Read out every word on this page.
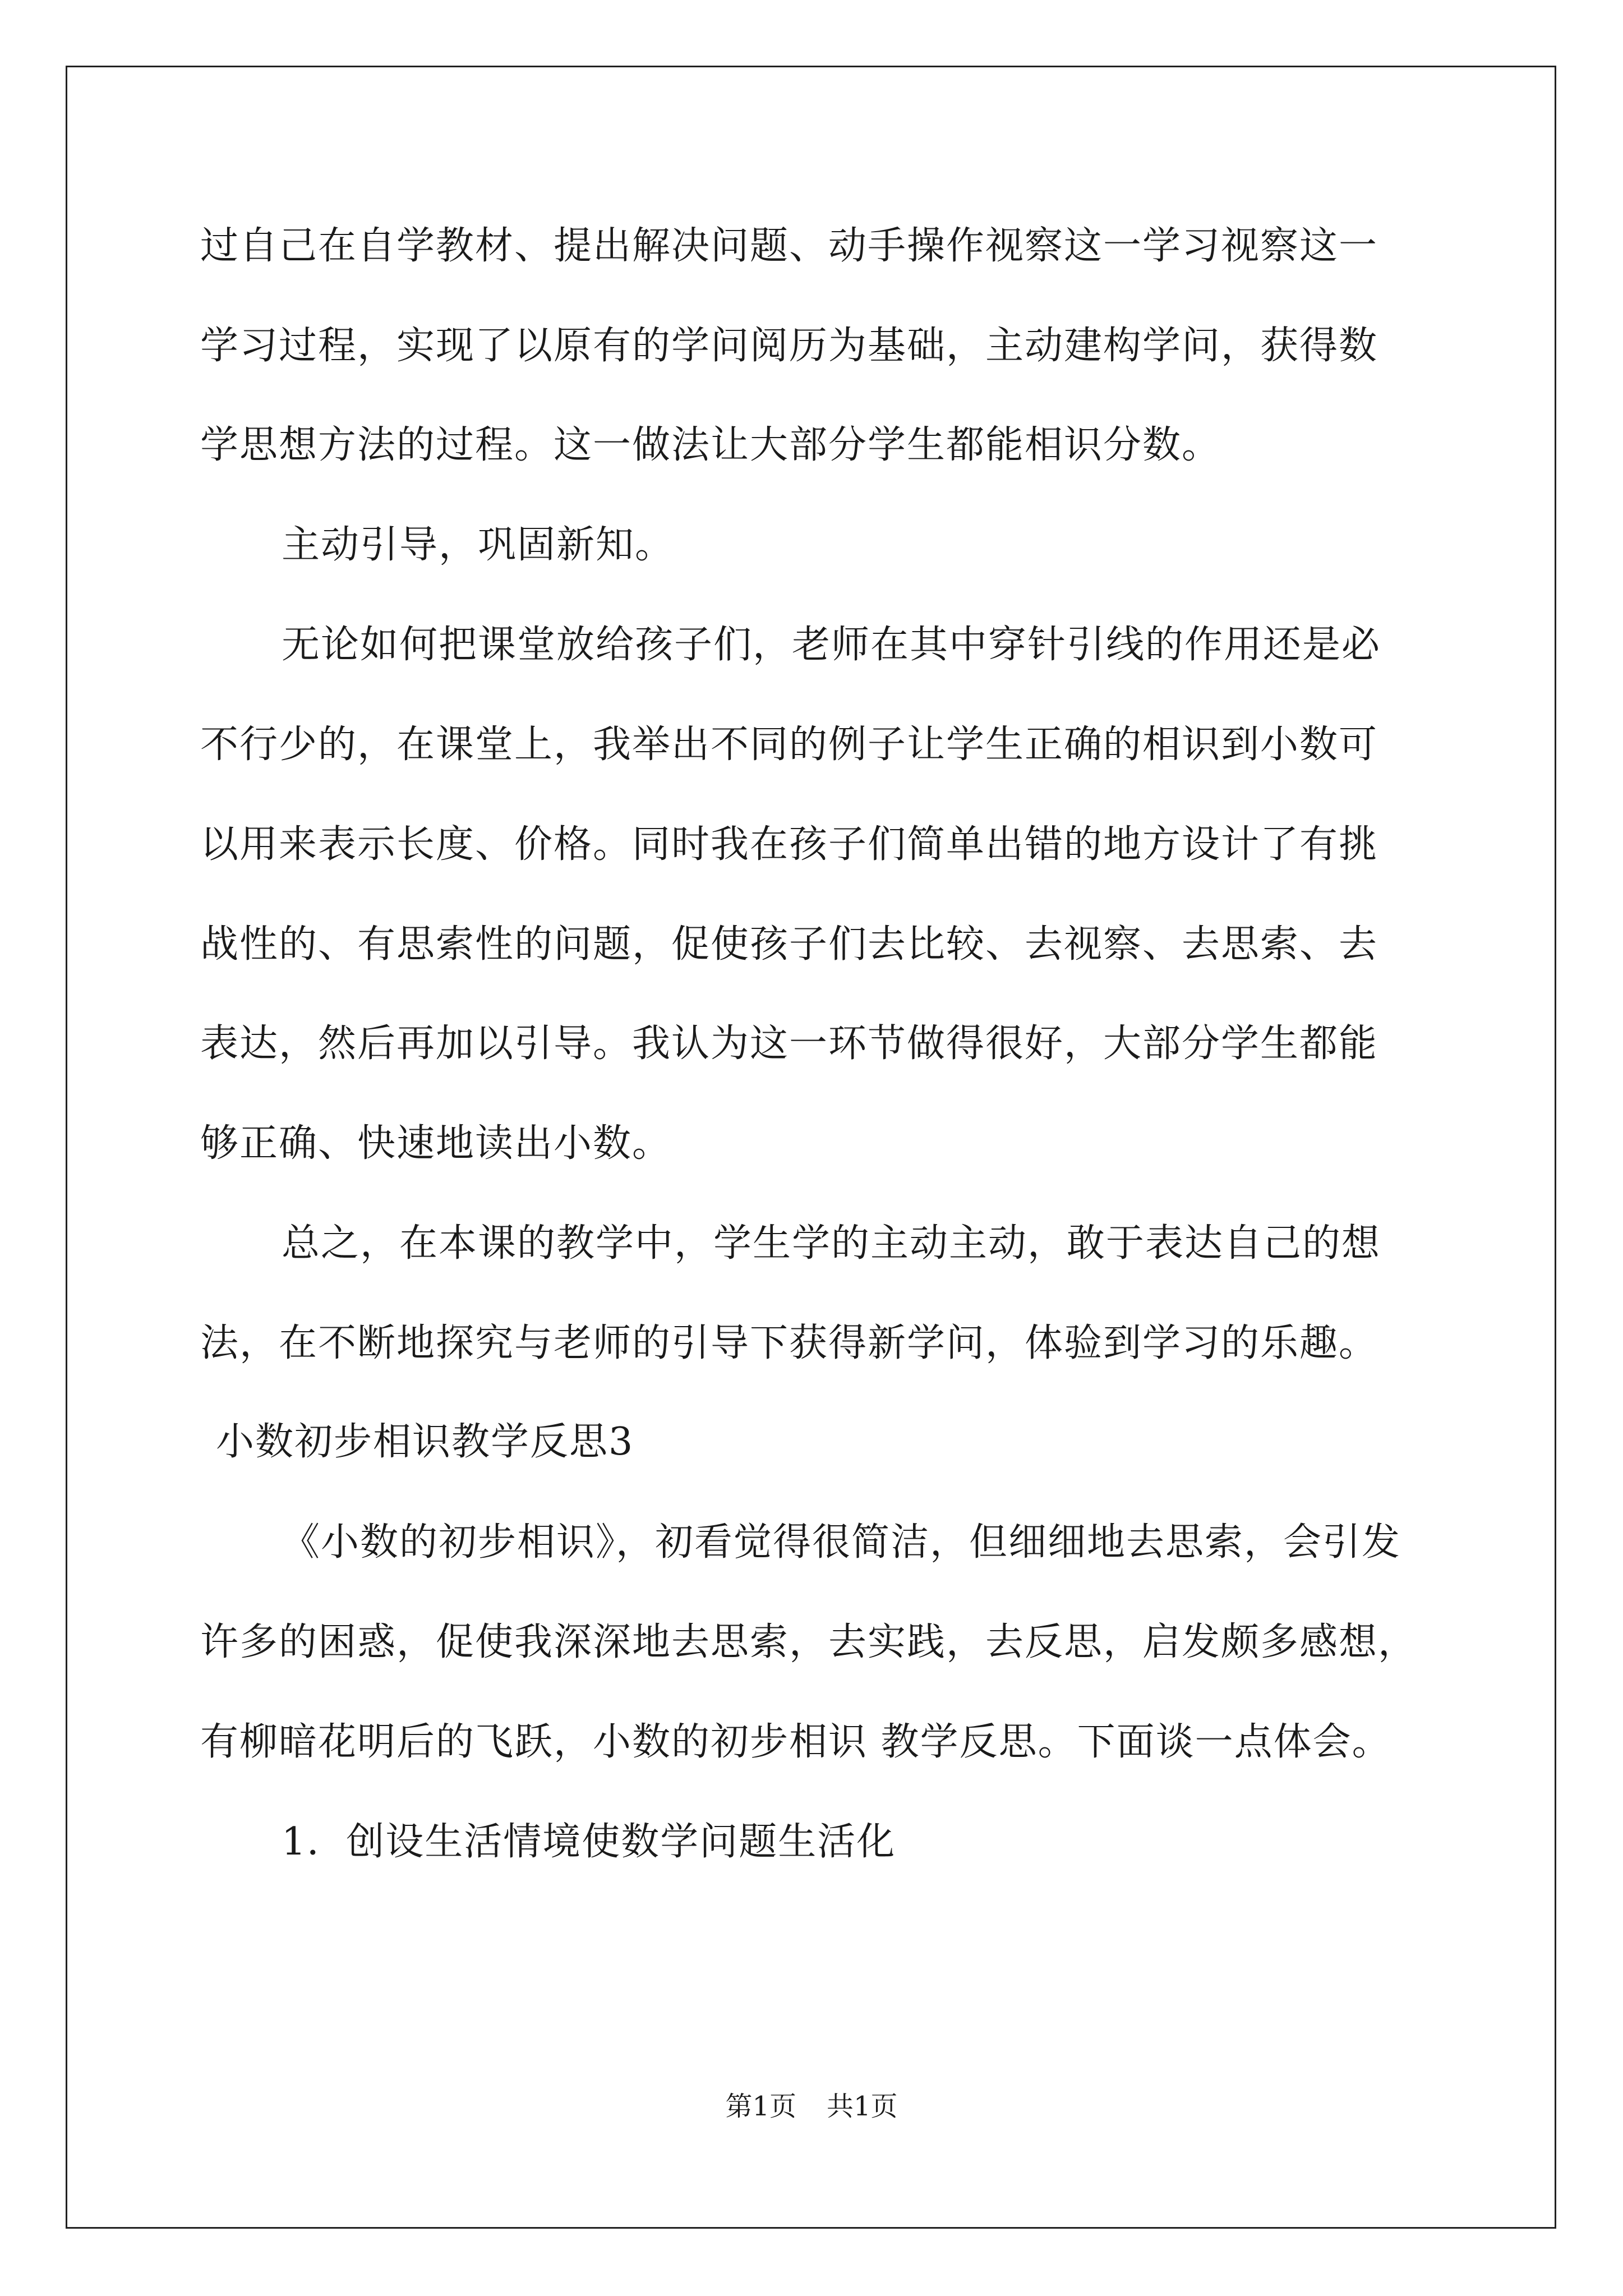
过自己在自学教材、提出解决问题、动手操作视察这一学习视察这一
学习过程，实现了以原有的学问阅历为基础，主动建构学问，获得数
学思想方法的过程。这一做法让大部分学生都能相识分数。
主动引导，巩固新知。
无论如何把课堂放给孩子们，老师在其中穿针引线的作用还是必
不行少的，在课堂上，我举出不同的例子让学生正确的相识到小数可
以用来表示长度、价格。同时我在孩子们简单出错的地方设计了有挑
战性的、有思索性的问题，促使孩子们去比较、去视察、去思索、去
表达，然后再加以引导。我认为这一环节做得很好，大部分学生都能
够正确、快速地读出小数。
总之，在本课的教学中，学生学的主动主动，敢于表达自己的想
法，在不断地探究与老师的引导下获得新学问，体验到学习的乐趣。
小数初步相识教学反思3
《小数的初步相识》，初看觉得很简洁，但细细地去思索，会引发
许多的困惑，促使我深深地去思索，去实践，去反思，启发颇多感想，
有柳暗花明后的飞跃，小数的初步相识 教学反思。下面谈一点体会。
1．创设生活情境使数学问题生活化
第1页 共1页
